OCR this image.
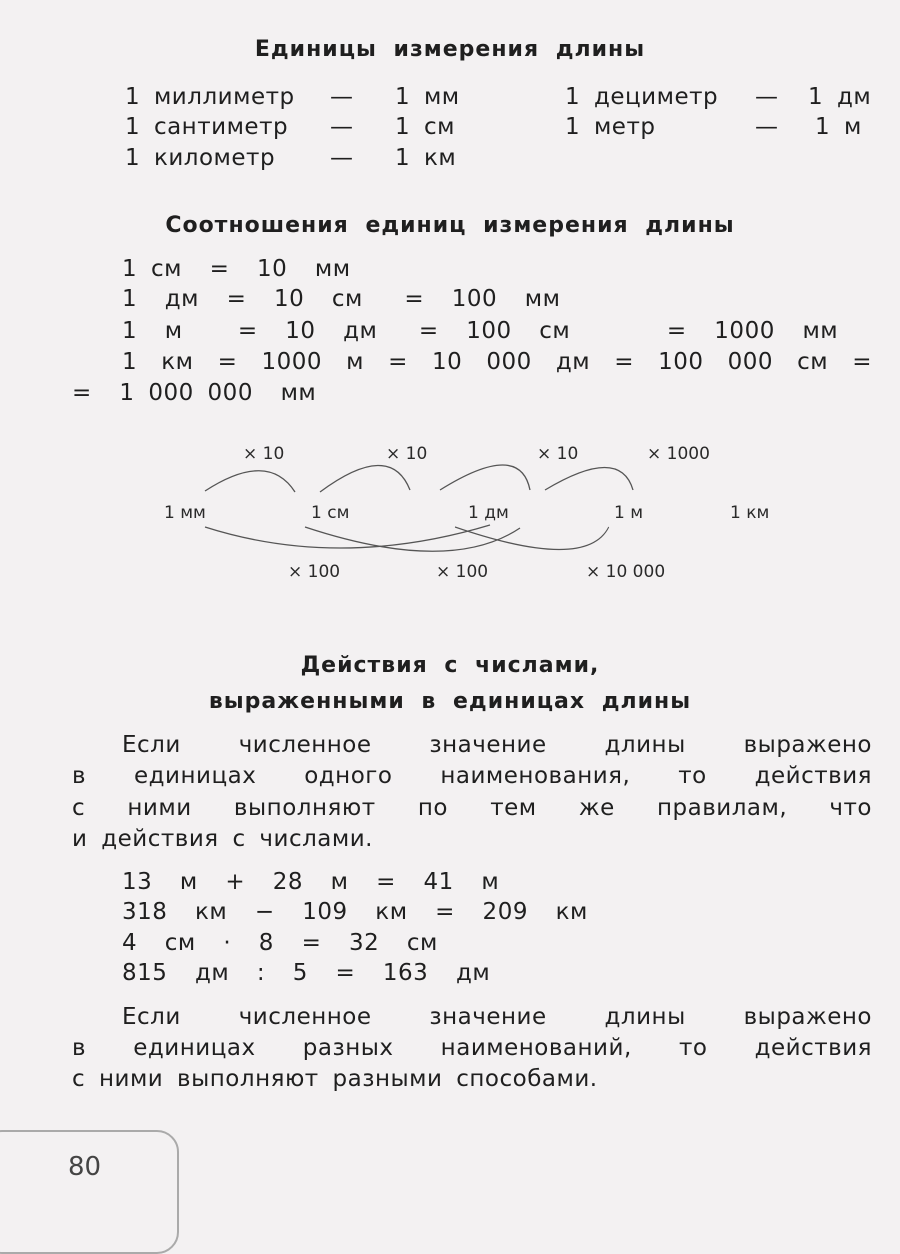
Единицы измерения длины
1 миллиметр — 1 мм	1 дециметр — 1 дм
1 сантиметр — 1 см	1 метр	— 1 м
1 километр — 1 км
Соотношения единиц измерения длины
1 см  =  10  мм
1  дм  =  10  см   =  100  мм
1  м    =  10  дм   =  100  см       =  1000  мм
1 км = 1000 м = 10 000 дм = 100 000 см =
=  1 000 000  мм
× 10	× 10	× 10	× 1000
1 мм	1 см	1 дм	1 м	1 км
× 100	× 100	× 10 000
Действия с числами,
выраженными в единицах длины
Если численное значение длины выражено
в единицах одного наименования, то действия
с ними выполняют по тем же правилам, что
и действия с числами.
13  м  +  28  м  =  41  м
318  км  −  109  км  =  209  км
4  см  ·  8  =  32  см
815  дм  :  5  =  163  дм
Если численное значение длины выражено
в единицах разных наименований, то действия
с ними выполняют разными способами.
80
